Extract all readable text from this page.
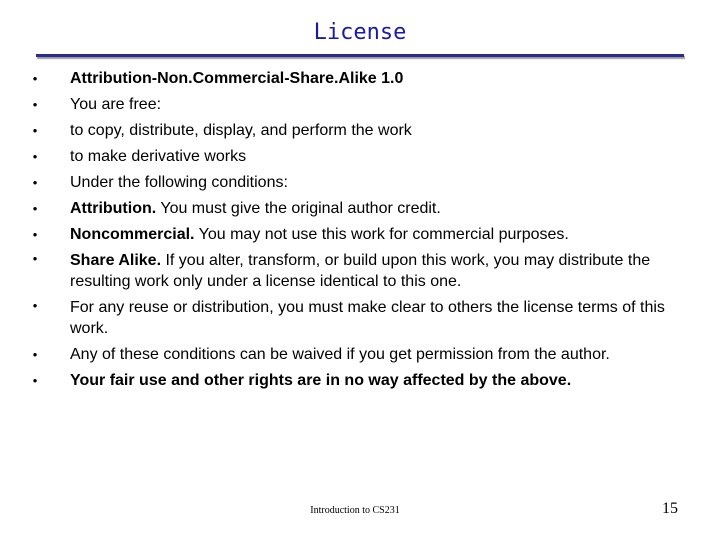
License
• Attribution-Non.Commercial-Share.Alike 1.0
• You are free:
• to copy, distribute, display, and perform the work
• to make derivative works
• Under the following conditions:
• Attribution. You must give the original author credit.
• Noncommercial. You may not use this work for commercial purposes.
• Share Alike. If you alter, transform, or build upon this work, you may distribute the resulting work only under a license identical to this one.
• For any reuse or distribution, you must make clear to others the license terms of this work.
• Any of these conditions can be waived if you get permission from the author.
• Your fair use and other rights are in no way affected by the above.
Introduction to CS231	15
